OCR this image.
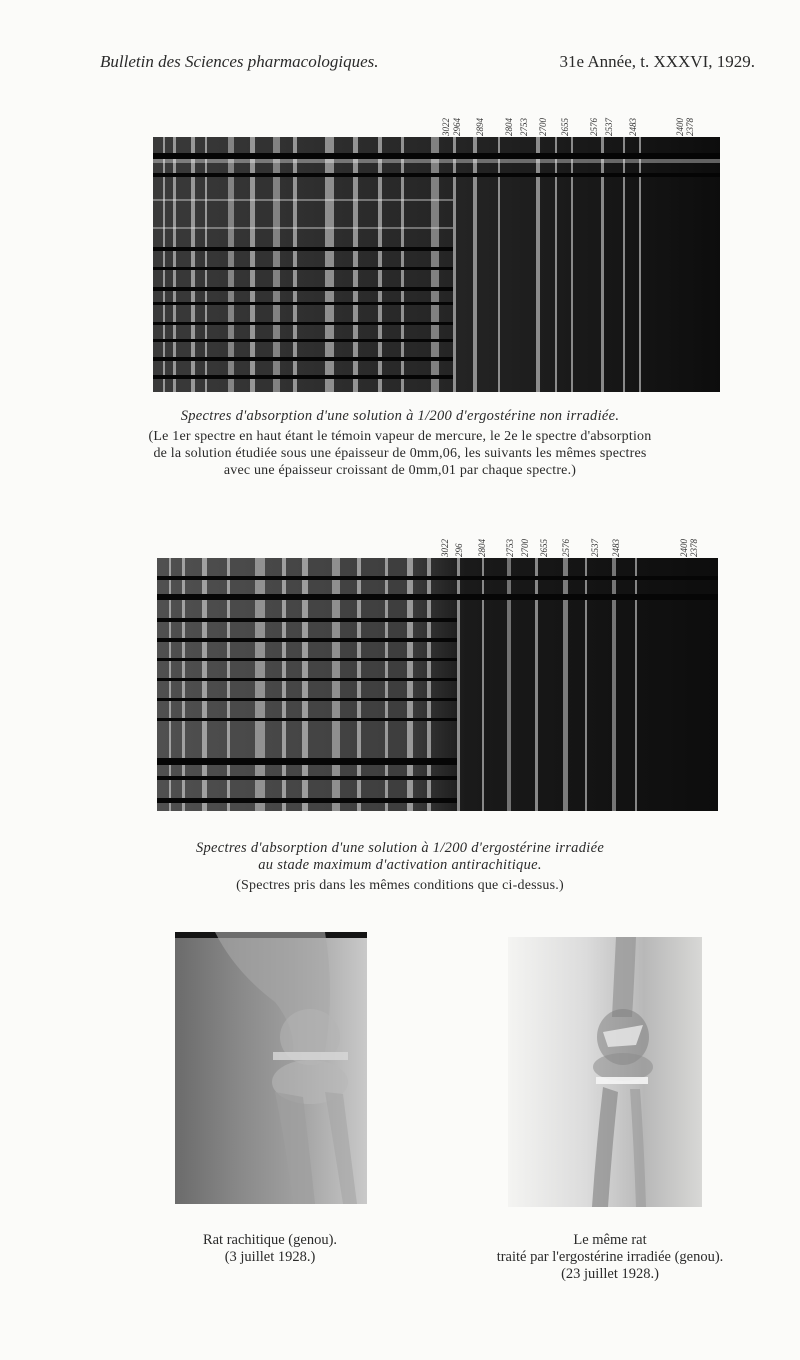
Bulletin des Sciences pharmacologiques.	31e Année, t. XXXVI, 1929.
3022 2964 2894 2804 2753 2700 2655 2576 2537 2483	2400 2378
Spectres d'absorption d'une solution à 1/200 d'ergostérine non irradiée.
(Le 1er spectre en haut étant le témoin vapeur de mercure, le 2e le spectre d'absorption
de la solution étudiée sous une épaisseur de 0mm,06, les suivants les mêmes spectres
avec une épaisseur croissant de 0mm,01 par chaque spectre.)
3022 296 2804 2753 2700 2655 2576 2537 2483	2400 2378
Spectres d'absorption d'une solution à 1/200 d'ergostérine irradiée
au stade maximum d'activation antirachitique.
(Spectres pris dans les mêmes conditions que ci-dessus.)
Rat rachitique (genou).
(3 juillet 1928.)
Le même rat
traité par l'ergostérine irradiée (genou).
(23 juillet 1928.)
